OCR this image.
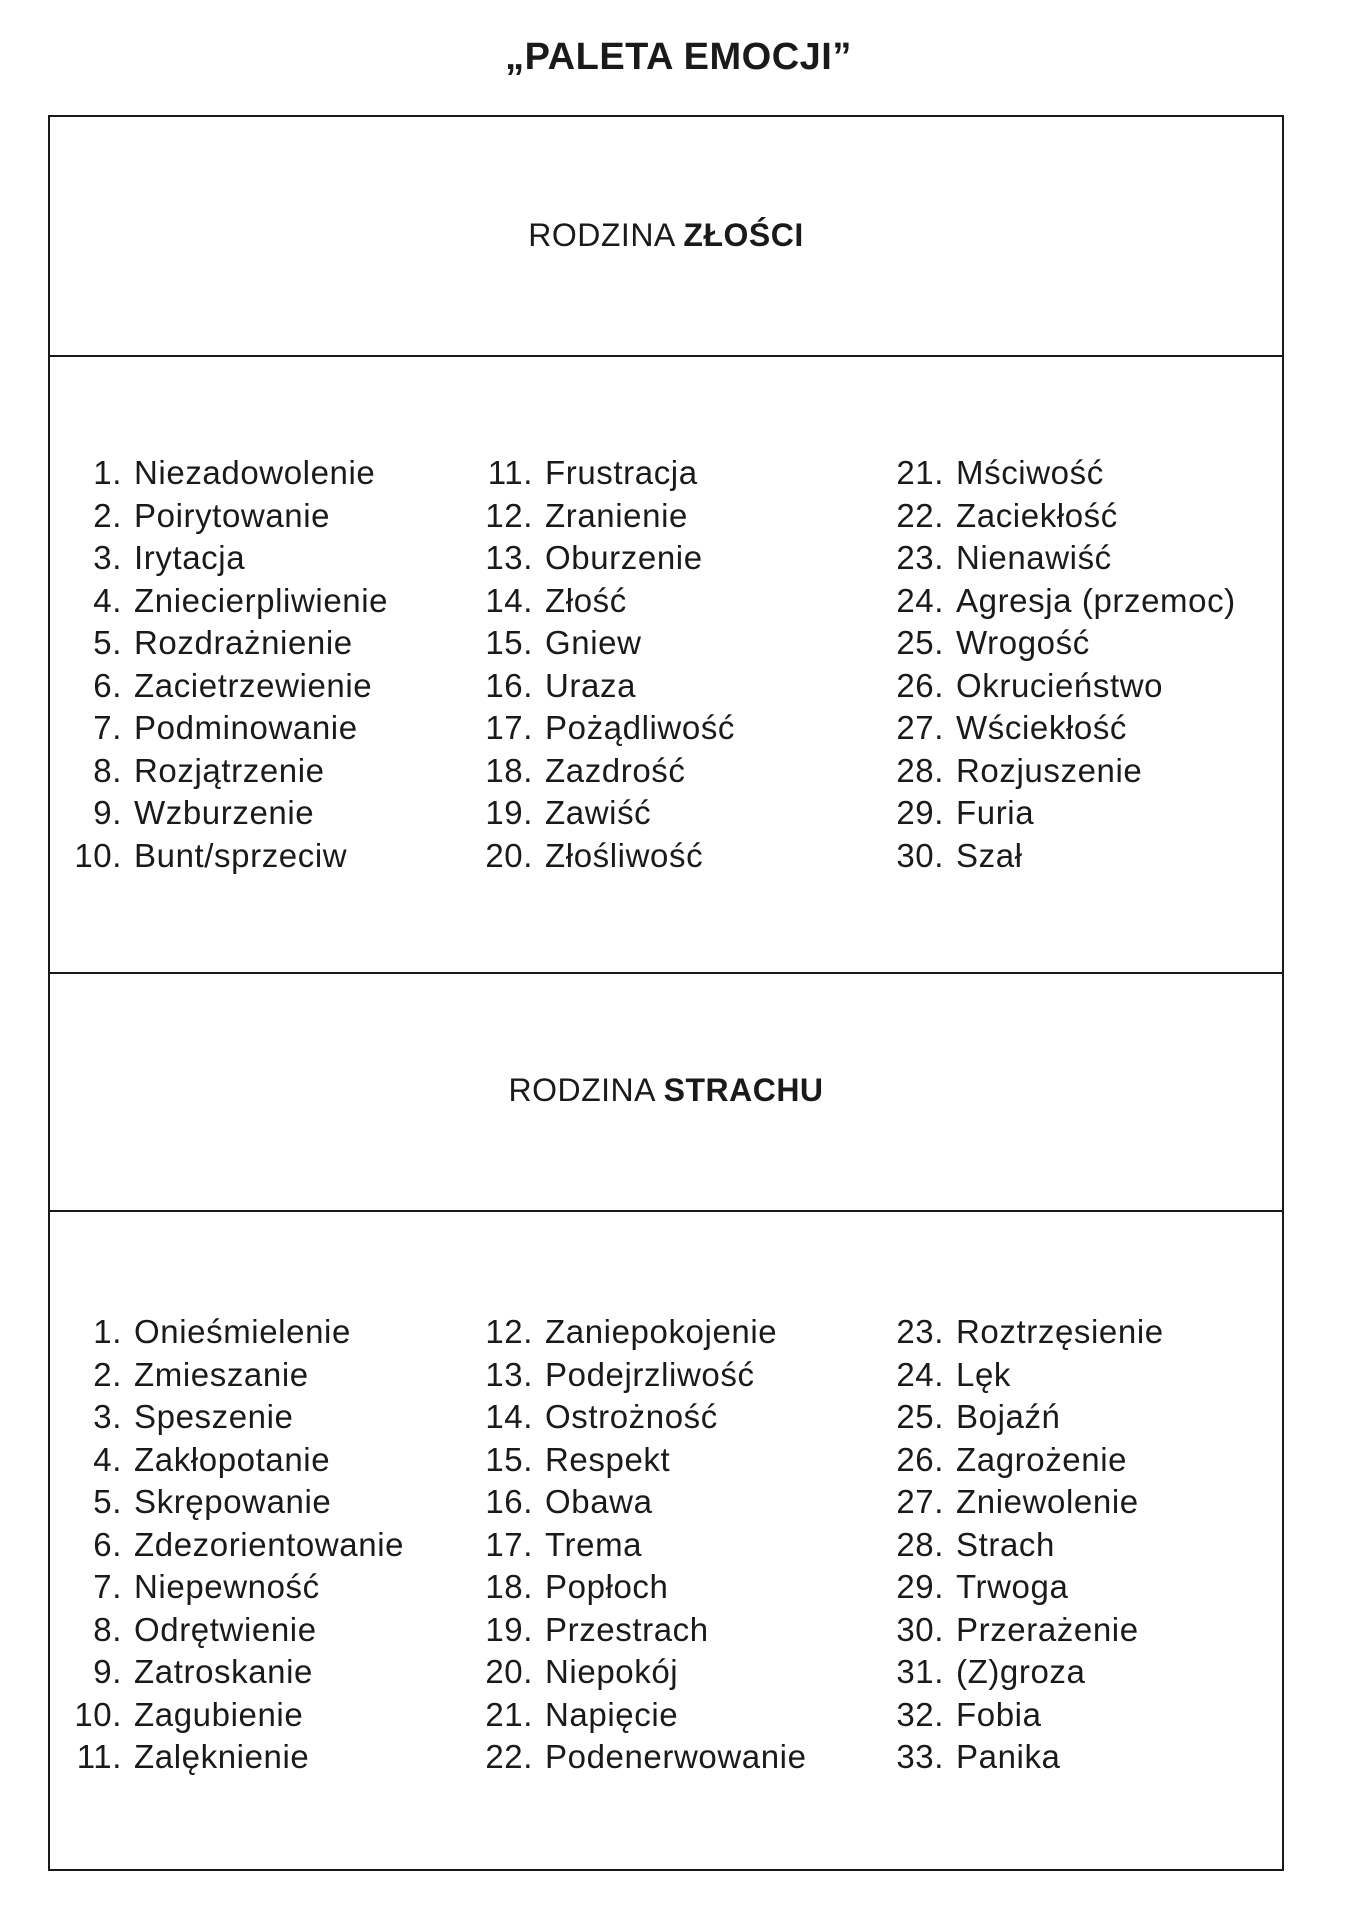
„PALETA EMOCJI”
RODZINA ZŁOŚCI
1. Niezadowolenie
2. Poirytowanie
3. Irytacja
4. Zniecierpliwienie
5. Rozdrażnienie
6. Zacietrzewienie
7. Podminowanie
8. Rozjątrzenie
9. Wzburzenie
10. Bunt/sprzeciw
11. Frustracja
12. Zranienie
13. Oburzenie
14. Złość
15. Gniew
16. Uraza
17. Pożądliwość
18. Zazdrość
19. Zawiść
20. Złośliwość
21. Mściwość
22. Zaciekłość
23. Nienawiść
24. Agresja (przemoc)
25. Wrogość
26. Okrucieństwo
27. Wściekłość
28. Rozjuszenie
29. Furia
30. Szał
RODZINA STRACHU
1. Onieśmielenie
2. Zmieszanie
3. Speszenie
4. Zakłopotanie
5. Skrępowanie
6. Zdezorientowanie
7. Niepewność
8. Odrętwienie
9. Zatroskanie
10. Zagubienie
11. Zalęknienie
12. Zaniepokojenie
13. Podejrzliwość
14. Ostrożność
15. Respekt
16. Obawa
17. Trema
18. Popłoch
19. Przestrach
20. Niepokój
21. Napięcie
22. Podenerwowanie
23. Roztrzęsienie
24. Lęk
25. Bojaźń
26. Zagrożenie
27. Zniewolenie
28. Strach
29. Trwoga
30. Przerażenie
31. (Z)groza
32. Fobia
33. Panika
